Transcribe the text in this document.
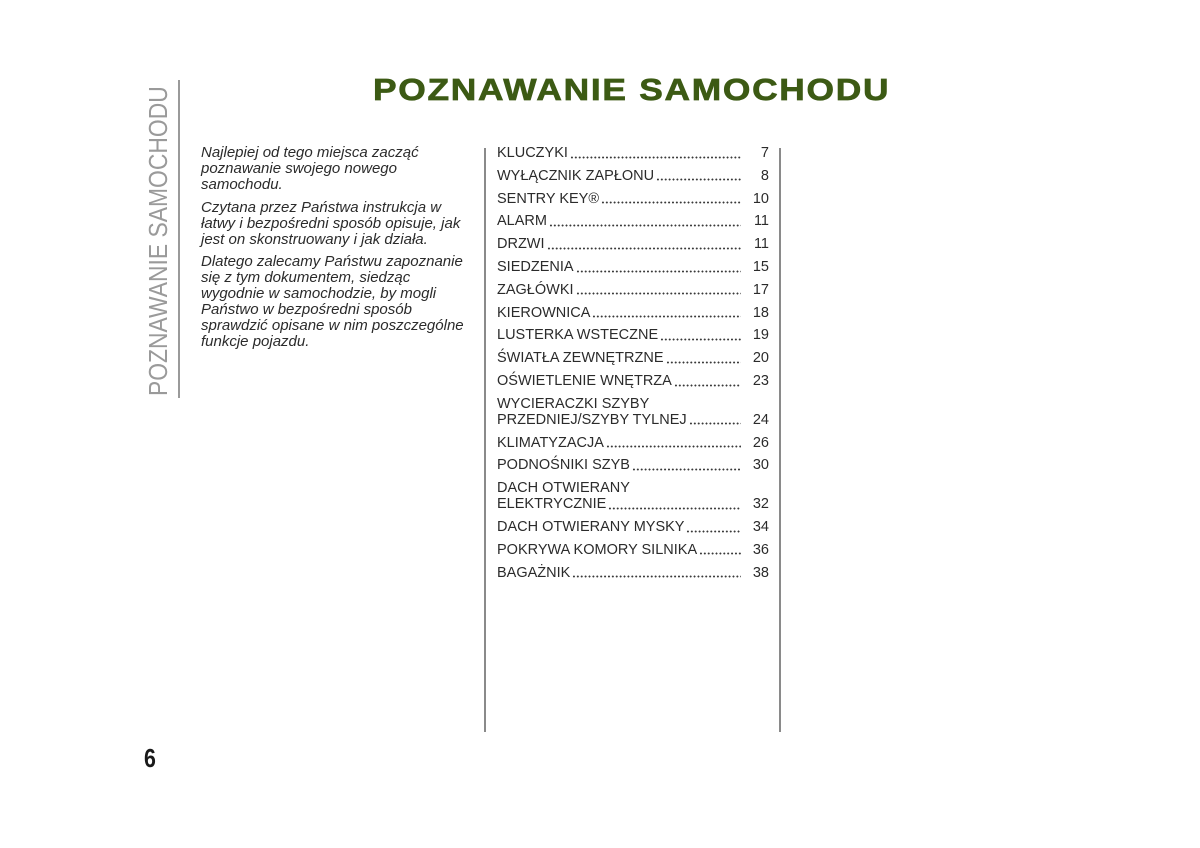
POZNAWANIE SAMOCHODU	POZNAWANIE SAMOCHODU

Najlepiej od tego miejsca zacząć
poznawanie swojego nowego
samochodu.

Czytana przez Państwa instrukcja w
łatwy i bezpośredni sposób opisuje, jak
jest on skonstruowany i jak działa.

Dlatego zalecamy Państwu zapoznanie
się z tym dokumentem, siedząc
wygodnie w samochodzie, by mogli
Państwo w bezpośredni sposób
sprawdzić opisane w nim poszczególne
funkcje pojazdu.

KLUCZYKI	7
WYŁĄCZNIK ZAPŁONU	8
SENTRY KEY®	10
ALARM	11
DRZWI	11
SIEDZENIA	15
ZAGŁÓWKI	17
KIEROWNICA	18
LUSTERKA WSTECZNE	19
ŚWIATŁA ZEWNĘTRZNE	20
OŚWIETLENIE WNĘTRZA	23
WYCIERACZKI SZYBY
PRZEDNIEJ/SZYBY TYLNEJ	24
KLIMATYZACJA	26
PODNOŚNIKI SZYB	30
DACH OTWIERANY
ELEKTRYCZNIE	32
DACH OTWIERANY MYSKY	34
POKRYWA KOMORY SILNIKA	36
BAGAŻNIK	38
6
